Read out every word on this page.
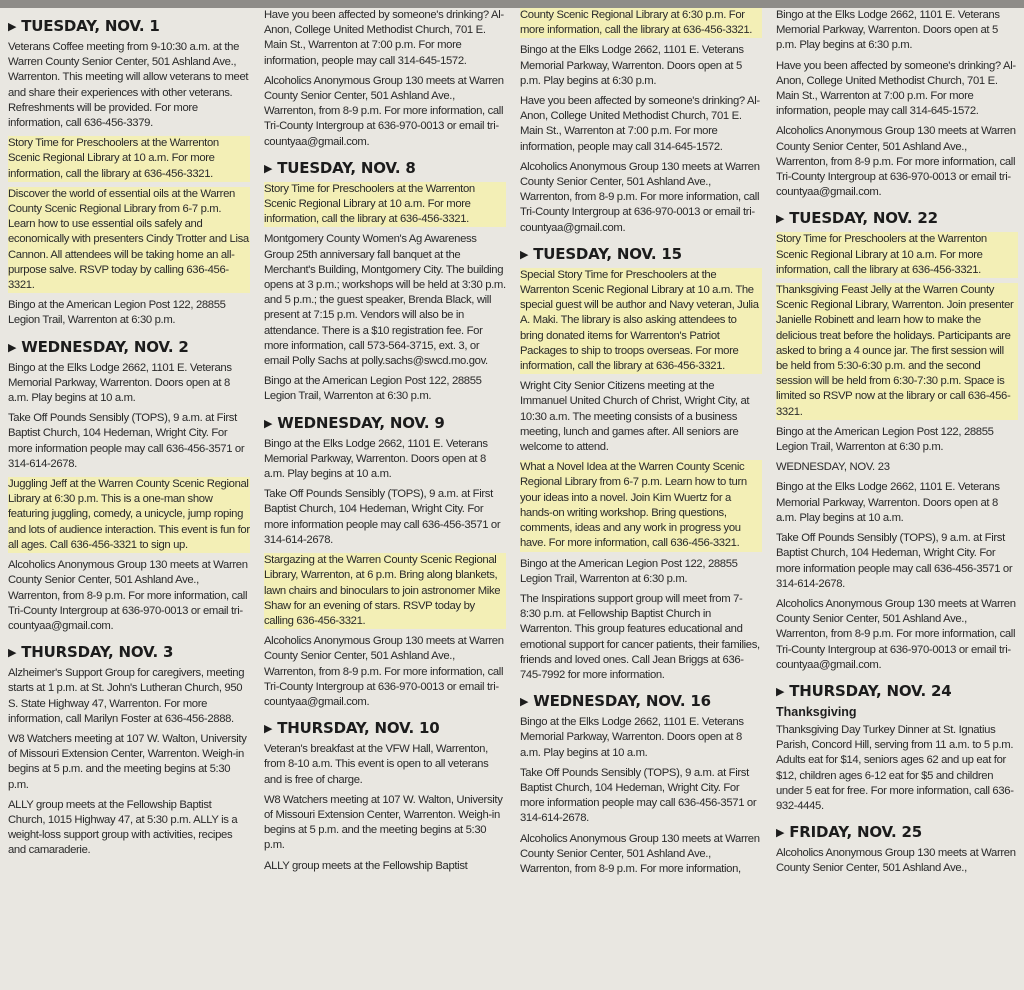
▶ TUESDAY, NOV. 1
Veterans Coffee meeting from 9-10:30 a.m. at the Warren County Senior Center, 501 Ashland Ave., Warrenton. This meeting will allow veterans to meet and share their experiences with other veterans. Refreshments will be provided. For more information, call 636-456-3379.
Story Time for Preschoolers at the Warrenton Scenic Regional Library at 10 a.m. For more information, call the library at 636-456-3321.
Discover the world of essential oils at the Warren County Scenic Regional Library from 6-7 p.m. Learn how to use essential oils safely and economically with presenters Cindy Trotter and Lisa Cannon. All attendees will be taking home an all-purpose salve. RSVP today by calling 636-456-3321.
Bingo at the American Legion Post 122, 28855 Legion Trail, Warrenton at 6:30 p.m.
▶ WEDNESDAY, NOV. 2
Bingo at the Elks Lodge 2662, 1101 E. Veterans Memorial Parkway, Warrenton. Doors open at 8 a.m. Play begins at 10 a.m.
Take Off Pounds Sensibly (TOPS), 9 a.m. at First Baptist Church, 104 Hedeman, Wright City. For more information people may call 636-456-3571 or 314-614-2678.
Juggling Jeff at the Warren County Scenic Regional Library at 6:30 p.m. This is a one-man show featuring juggling, comedy, a unicycle, jump roping and lots of audience interaction. This event is fun for all ages. Call 636-456-3321 to sign up.
Alcoholics Anonymous Group 130 meets at Warren County Senior Center, 501 Ashland Ave., Warrenton, from 8-9 p.m. For more information, call Tri-County Intergroup at 636-970-0013 or email tri-countyaa@gmail.com.
▶ THURSDAY, NOV. 3
Alzheimer's Support Group for caregivers, meeting starts at 1 p.m. at St. John's Lutheran Church, 950 S. State Highway 47, Warrenton. For more information, call Marilyn Foster at 636-456-2888.
W8 Watchers meeting at 107 W. Walton, University of Missouri Extension Center, Warrenton. Weigh-in begins at 5 p.m. and the meeting begins at 5:30 p.m.
ALLY group meets at the Fellowship Baptist Church, 1015 Highway 47, at 5:30 p.m. ALLY is a weight-loss support group with activities, recipes and camaraderie.
Have you been affected by someone's drinking? Al-Anon, College United Methodist Church, 701 E. Main St., Warrenton at 7:00 p.m. For more information, people may call 314-645-1572.
Alcoholics Anonymous Group 130 meets at Warren County Senior Center, 501 Ashland Ave., Warrenton, from 8-9 p.m. For more information, call Tri-County Intergroup at 636-970-0013 or email tri-countyaa@gmail.com.
▶ TUESDAY, NOV. 8
Story Time for Preschoolers at the Warrenton Scenic Regional Library at 10 a.m. For more information, call the library at 636-456-3321.
Montgomery County Women's Ag Awareness Group 25th anniversary fall banquet at the Merchant's Building, Montgomery City. The building opens at 3 p.m.; workshops will be held at 3:30 p.m. and 5 p.m.; the guest speaker, Brenda Black, will present at 7:15 p.m. Vendors will also be in attendance. There is a $10 registration fee. For more information, call 573-564-3715, ext. 3, or email Polly Sachs at polly.sachs@swcd.mo.gov.
Bingo at the American Legion Post 122, 28855 Legion Trail, Warrenton at 6:30 p.m.
▶ WEDNESDAY, NOV. 9
Bingo at the Elks Lodge 2662, 1101 E. Veterans Memorial Parkway, Warrenton. Doors open at 8 a.m. Play begins at 10 a.m.
Take Off Pounds Sensibly (TOPS), 9 a.m. at First Baptist Church, 104 Hedeman, Wright City. For more information people may call 636-456-3571 or 314-614-2678.
Stargazing at the Warren County Scenic Regional Library, Warrenton, at 6 p.m. Bring along blankets, lawn chairs and binoculars to join astronomer Mike Shaw for an evening of stars. RSVP today by calling 636-456-3321.
Alcoholics Anonymous Group 130 meets at Warren County Senior Center, 501 Ashland Ave., Warrenton, from 8-9 p.m. For more information, call Tri-County Intergroup at 636-970-0013 or email tri-countyaa@gmail.com.
▶ THURSDAY, NOV. 10
Veteran's breakfast at the VFW Hall, Warrenton, from 8-10 a.m. This event is open to all veterans and is free of charge.
W8 Watchers meeting at 107 W. Walton, University of Missouri Extension Center, Warrenton. Weigh-in begins at 5 p.m. and the meeting begins at 5:30 p.m.
ALLY group meets at the Fellowship Baptist
County Scenic Regional Library at 6:30 p.m. For more information, call the library at 636-456-3321.
Bingo at the Elks Lodge 2662, 1101 E. Veterans Memorial Parkway, Warrenton. Doors open at 5 p.m. Play begins at 6:30 p.m.
Have you been affected by someone's drinking? Al-Anon, College United Methodist Church, 701 E. Main St., Warrenton at 7:00 p.m. For more information, people may call 314-645-1572.
Alcoholics Anonymous Group 130 meets at Warren County Senior Center, 501 Ashland Ave., Warrenton, from 8-9 p.m. For more information, call Tri-County Intergroup at 636-970-0013 or email tri-countyaa@gmail.com.
▶ TUESDAY, NOV. 15
Special Story Time for Preschoolers at the Warrenton Scenic Regional Library at 10 a.m. The special guest will be author and Navy veteran, Julia A. Maki. The library is also asking attendees to bring donated items for Warrenton's Patriot Packages to ship to troops overseas. For more information, call the library at 636-456-3321.
Wright City Senior Citizens meeting at the Immanuel United Church of Christ, Wright City, at 10:30 a.m. The meeting consists of a business meeting, lunch and games after. All seniors are welcome to attend.
What a Novel Idea at the Warren County Scenic Regional Library from 6-7 p.m. Learn how to turn your ideas into a novel. Join Kim Wuertz for a hands-on writing workshop. Bring questions, comments, ideas and any work in progress you have. For more information, call 636-456-3321.
Bingo at the American Legion Post 122, 28855 Legion Trail, Warrenton at 6:30 p.m.
The Inspirations support group will meet from 7-8:30 p.m. at Fellowship Baptist Church in Warrenton. This group features educational and emotional support for cancer patients, their families, friends and loved ones. Call Jean Briggs at 636-745-7992 for more information.
▶ WEDNESDAY, NOV. 16
Bingo at the Elks Lodge 2662, 1101 E. Veterans Memorial Parkway, Warrenton. Doors open at 8 a.m. Play begins at 10 a.m.
Take Off Pounds Sensibly (TOPS), 9 a.m. at First Baptist Church, 104 Hedeman, Wright City. For more information people may call 636-456-3571 or 314-614-2678.
Alcoholics Anonymous Group 130 meets at Warren County Senior Center, 501 Ashland Ave., Warrenton, from 8-9 p.m. For more information,
Bingo at the Elks Lodge 2662, 1101 E. Veterans Memorial Parkway, Warrenton. Doors open at 5 p.m. Play begins at 6:30 p.m.
Have you been affected by someone's drinking? Al-Anon, College United Methodist Church, 701 E. Main St., Warrenton at 7:00 p.m. For more information, people may call 314-645-1572.
Alcoholics Anonymous Group 130 meets at Warren County Senior Center, 501 Ashland Ave., Warrenton, from 8-9 p.m. For more information, call Tri-County Intergroup at 636-970-0013 or email tri-countyaa@gmail.com.
▶ TUESDAY, NOV. 22
Story Time for Preschoolers at the Warrenton Scenic Regional Library at 10 a.m. For more information, call the library at 636-456-3321.
Thanksgiving Feast Jelly at the Warren County Scenic Regional Library, Warrenton. Join presenter Janielle Robinett and learn how to make the delicious treat before the holidays. Participants are asked to bring a 4 ounce jar. The first session will be held from 5:30-6:30 p.m. and the second session will be held from 6:30-7:30 p.m. Space is limited so RSVP now at the library or call 636-456-3321.
Bingo at the American Legion Post 122, 28855 Legion Trail, Warrenton at 6:30 p.m.
WEDNESDAY, NOV. 23
Bingo at the Elks Lodge 2662, 1101 E. Veterans Memorial Parkway, Warrenton. Doors open at 8 a.m. Play begins at 10 a.m.
Take Off Pounds Sensibly (TOPS), 9 a.m. at First Baptist Church, 104 Hedeman, Wright City. For more information people may call 636-456-3571 or 314-614-2678.
Alcoholics Anonymous Group 130 meets at Warren County Senior Center, 501 Ashland Ave., Warrenton, from 8-9 p.m. For more information, call Tri-County Intergroup at 636-970-0013 or email tri-countyaa@gmail.com.
▶ THURSDAY, NOV. 24
Thanksgiving
Thanksgiving Day Turkey Dinner at St. Ignatius Parish, Concord Hill, serving from 11 a.m. to 5 p.m. Adults eat for $14, seniors ages 62 and up eat for $12, children ages 6-12 eat for $5 and children under 5 eat for free. For more information, call 636-932-4445.
▶ FRIDAY, NOV. 25
Alcoholics Anonymous Group 130 meets at Warren County Senior Center, 501 Ashland Ave.,
